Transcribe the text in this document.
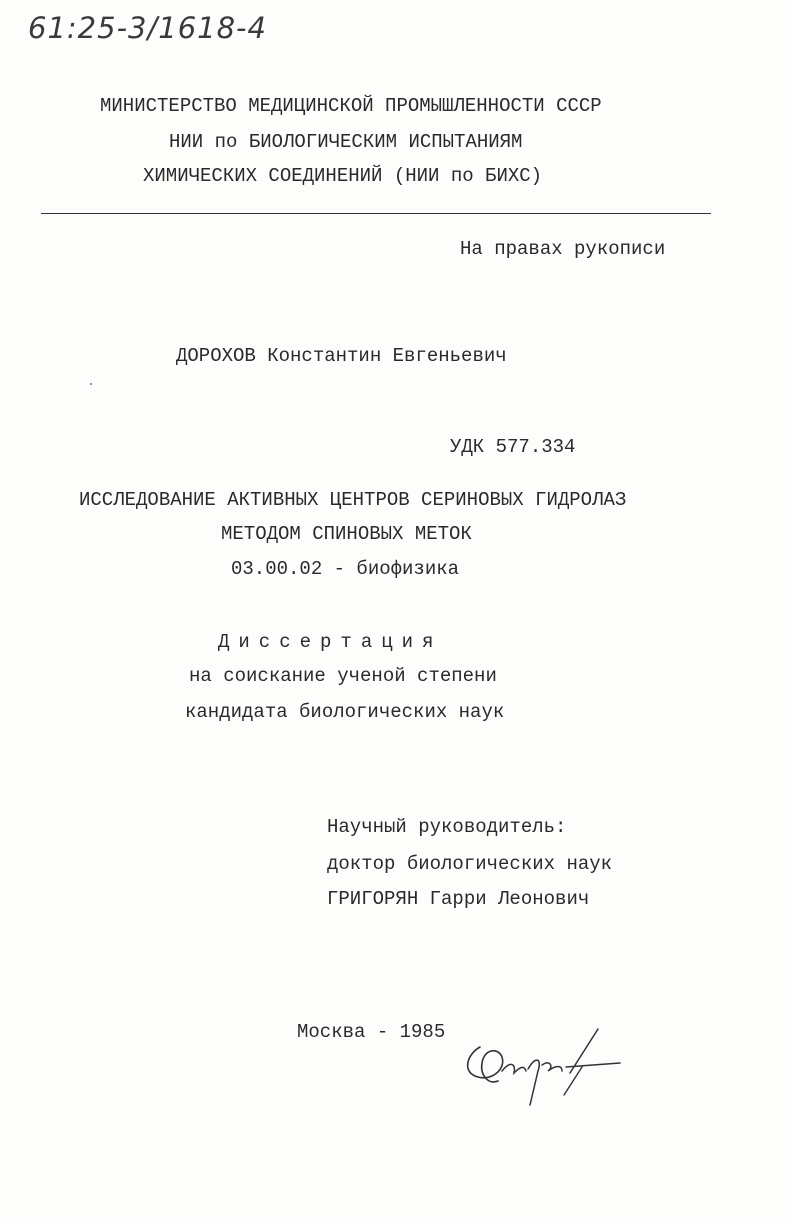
61:25-3/1618-4
МИНИСТЕРСТВО МЕДИЦИНСКОЙ ПРОМЫШЛЕННОСТИ СССР
НИИ по БИОЛОГИЧЕСКИМ ИСПЫТАНИЯМ
ХИМИЧЕСКИХ СОЕДИНЕНИЙ (НИИ по БИХС)
На правах рукописи
ДОРОХОВ Константин Евгеньевич
УДК 577.334
ИССЛЕДОВАНИЕ АКТИВНЫХ ЦЕНТРОВ СЕРИНОВЫХ ГИДРОЛАЗ
МЕТОДОМ СПИНОВЫХ МЕТОК
03.00.02 - биофизика
Диссертация
на соискание ученой степени
кандидата биологических наук
Научный руководитель:
доктор биологических наук
ГРИГОРЯН Гарри Леонович
Москва - 1985
